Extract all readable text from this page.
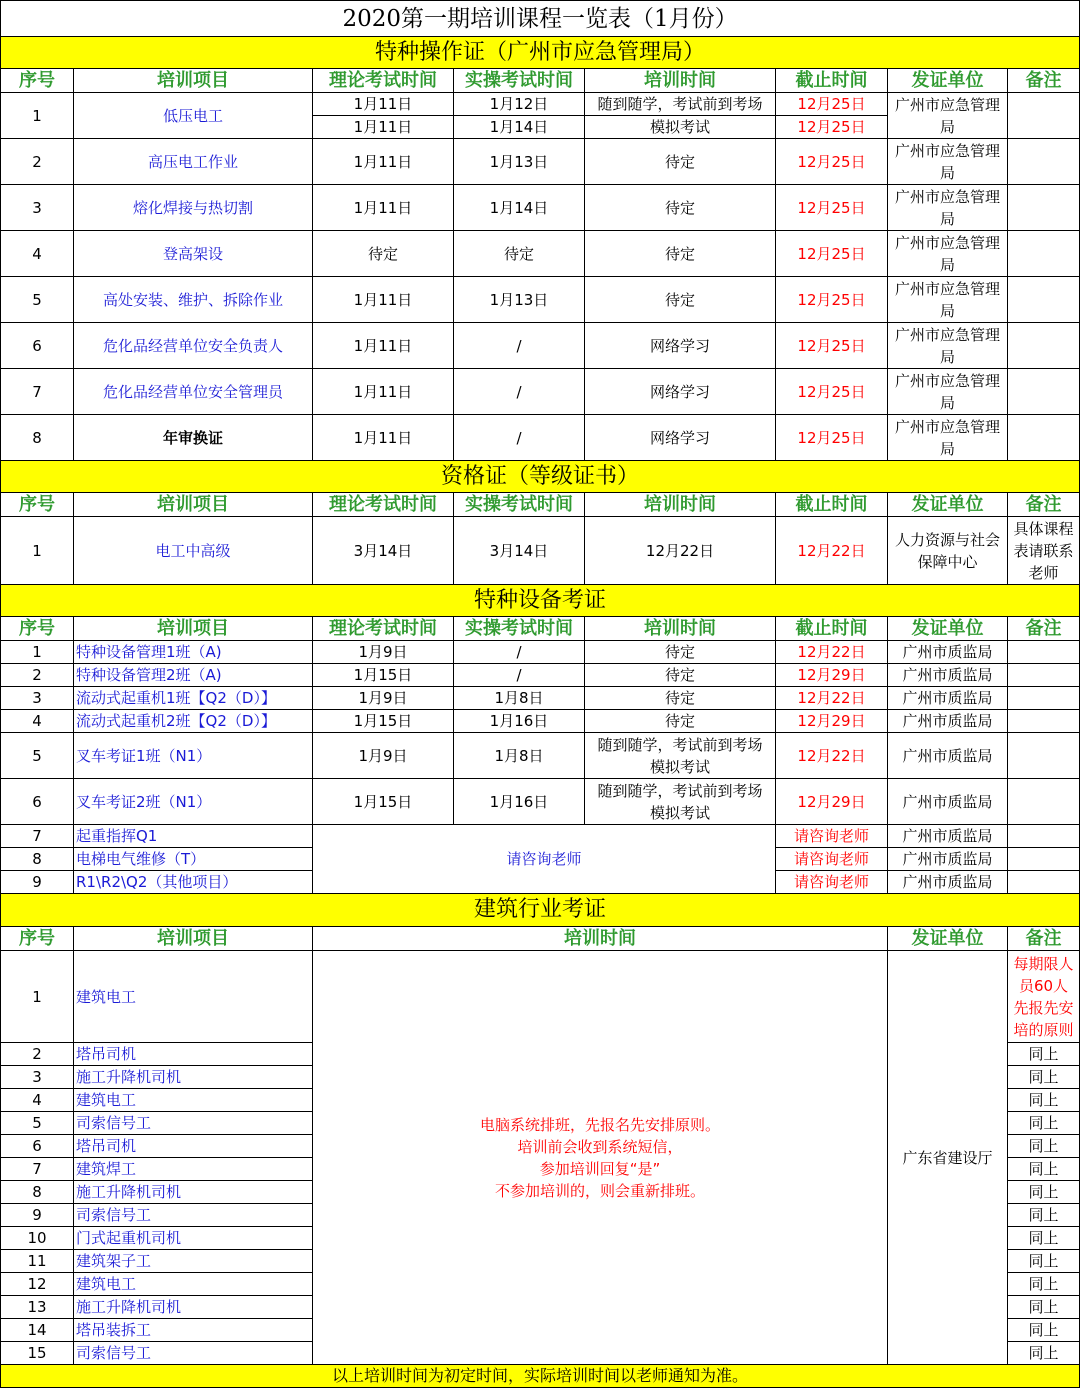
2020第一期培训课程一览表（1月份）							
特种操作证（广州市应急管理局）							
序号	培训项目	理论考试时间	实操考试时间	培训时间	截止时间	发证单位	备注
1	低压电工	1月11日	1月12日	随到随学，考试前到考场	12月25日	广州市应急管理
局	
		1月11日	1月14日	模拟考试	12月25日		
2	高压电工作业	1月11日	1月13日	待定	12月25日	广州市应急管理
局	
3	熔化焊接与热切割	1月11日	1月14日	待定	12月25日	广州市应急管理
局	
4	登高架设	待定	待定	待定	12月25日	广州市应急管理
局	
5	高处安装、维护、拆除作业	1月11日	1月13日	待定	12月25日	广州市应急管理
局	
6	危化品经营单位安全负责人	1月11日	/	网络学习	12月25日	广州市应急管理
局	
7	危化品经营单位安全管理员	1月11日	/	网络学习	12月25日	广州市应急管理
局	
8	年审换证	1月11日	/	网络学习	12月25日	广州市应急管理
局	
资格证（等级证书）							
序号	培训项目	理论考试时间	实操考试时间	培训时间	截止时间	发证单位	备注
1	电工中高级	3月14日	3月14日	12月22日	12月22日	人力资源与社会
保障中心	具体课程
表请联系
老师
特种设备考证							
序号	培训项目	理论考试时间	实操考试时间	培训时间	截止时间	发证单位	备注
1	特种设备管理1班（A)	1月9日	/	待定	12月22日	广州市质监局	
2	特种设备管理2班（A)	1月15日	/	待定	12月29日	广州市质监局	
3	流动式起重机1班【Q2（D）】	1月9日	1月8日	待定	12月22日	广州市质监局	
4	流动式起重机2班【Q2（D）】	1月15日	1月16日	待定	12月29日	广州市质监局	
5	叉车考证1班（N1）	1月9日	1月8日	随到随学，考试前到考场
模拟考试	12月22日	广州市质监局	
6	叉车考证2班（N1）	1月15日	1月16日	随到随学，考试前到考场
模拟考试	12月29日	广州市质监局	
7	起重指挥Q1	请咨询老师			请咨询老师	广州市质监局	
8	电梯电气维修（T）				请咨询老师	广州市质监局	
9	R1\R2\Q2（其他项目）				请咨询老师	广州市质监局	
建筑行业考证							
序号	培训项目	培训时间				发证单位	备注
1	建筑电工	电脑系统排班，先报名先安排原则。
培训前会收到系统短信，
参加培训回复“是”
不参加培训的，则会重新排班。				广东省建设厅	每期限人
员60人
先报先安
培的原则
2	塔吊司机						同上
3	施工升降机司机						同上
4	建筑电工						同上
5	司索信号工						同上
6	塔吊司机						同上
7	建筑焊工						同上
8	施工升降机司机						同上
9	司索信号工						同上
10	门式起重机司机						同上
11	建筑架子工						同上
12	建筑电工						同上
13	施工升降机司机						同上
14	塔吊装拆工						同上
15	司索信号工						同上
以上培训时间为初定时间，实际培训时间以老师通知为准。							
